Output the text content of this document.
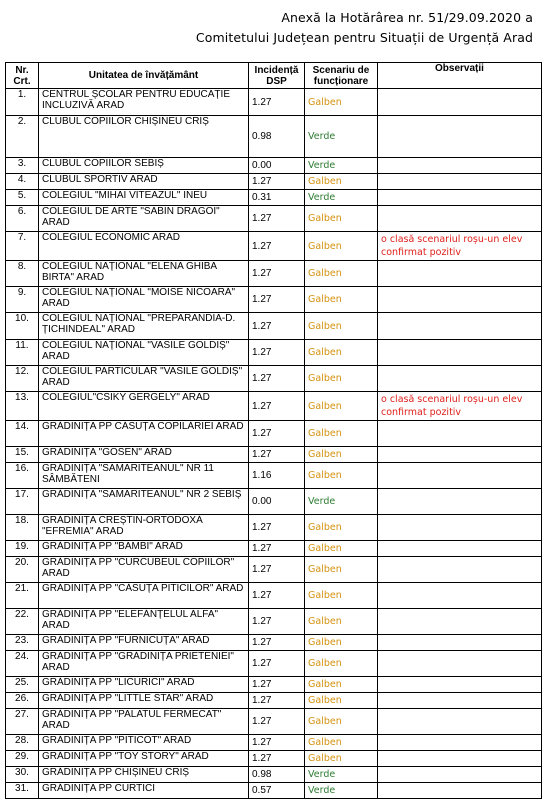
Anexă la Hotărârea nr. 51/29.09.2020 a
Comitetului Județean pentru Situații de Urgență Arad
Nr. Crt.	Unitatea de învățământ	Incidență DSP	Scenariu de funcționare	Observații
1.	CENTRUL ȘCOLAR PENTRU EDUCAȚIE INCLUZIVĂ ARAD	1.27	Galben	
2.	CLUBUL COPIILOR CHIȘINEU CRIȘ	0.98	Verde	
3.	CLUBUL COPIILOR SEBIȘ	0.00	Verde	
4.	CLUBUL SPORTIV ARAD	1.27	Galben	
5.	COLEGIUL "MIHAI VITEAZUL" INEU	0.31	Verde	
6.	COLEGIUL DE ARTE "SABIN DRAGOI" ARAD	1.27	Galben	
7.	COLEGIUL ECONOMIC ARAD	1.27	Galben	o clasă scenariul roșu-un elev confirmat pozitiv
8.	COLEGIUL NAȚIONAL "ELENA GHIBA BIRTA" ARAD	1.27	Galben	
9.	COLEGIUL NAȚIONAL "MOISE NICOARĂ" ARAD	1.27	Galben	
10.	COLEGIUL NAȚIONAL "PREPARANDIA-D. ȚICHINDEAL" ARAD	1.27	Galben	
11.	COLEGIUL NAȚIONAL "VASILE GOLDIȘ" ARAD	1.27	Galben	
12.	COLEGIUL PARTICULAR "VASILE GOLDIȘ" ARAD	1.27	Galben	
13.	COLEGIUL"CSIKY GERGELY" ARAD	1.27	Galben	o clasă scenariul roșu-un elev confirmat pozitiv
14.	GRĂDINIȚA PP CĂSUȚA COPILĂRIEI ARAD	1.27	Galben	
15.	GRĂDINIȚA "GOSEN" ARAD	1.27	Galben	
16.	GRĂDINIȚA "SAMARITEANUL" NR 11 SÂMBĂTENI	1.16	Galben	
17.	GRĂDINIȚA "SAMARITEANUL" NR 2 SEBIȘ	0.00	Verde	
18.	GRĂDINIȚA CREȘTIN-ORTODOXĂ "EFREMIA" ARAD	1.27	Galben	
19.	GRĂDINIȚA PP "BAMBI" ARAD	1.27	Galben	
20.	GRĂDINIȚA PP "CURCUBEUL COPIILOR" ARAD	1.27	Galben	
21.	GRĂDINIȚA PP "CĂSUȚA PITICILOR" ARAD	1.27	Galben	
22.	GRĂDINIȚA PP "ELEFĂNȚELUL ALFA" ARAD	1.27	Galben	
23.	GRĂDINIȚA PP "FURNICUȚA" ARAD	1.27	Galben	
24.	GRĂDINIȚA PP "GRĂDINIȚA PRIETENIEI" ARAD	1.27	Galben	
25.	GRĂDINIȚA PP "LICURICI" ARAD	1.27	Galben	
26.	GRĂDINIȚA PP "LITTLE STAR" ARAD	1.27	Galben	
27.	GRĂDINIȚA PP "PALATUL FERMECAT" ARAD	1.27	Galben	
28.	GRĂDINIȚA PP "PITICOT" ARAD	1.27	Galben	
29.	GRĂDINIȚA PP "TOY STORY" ARAD	1.27	Galben	
30.	GRĂDINIȚA PP CHIȘINEU CRIȘ	0.98	Verde	
31.	GRĂDINIȚA PP CURTICI	0.57	Verde	
